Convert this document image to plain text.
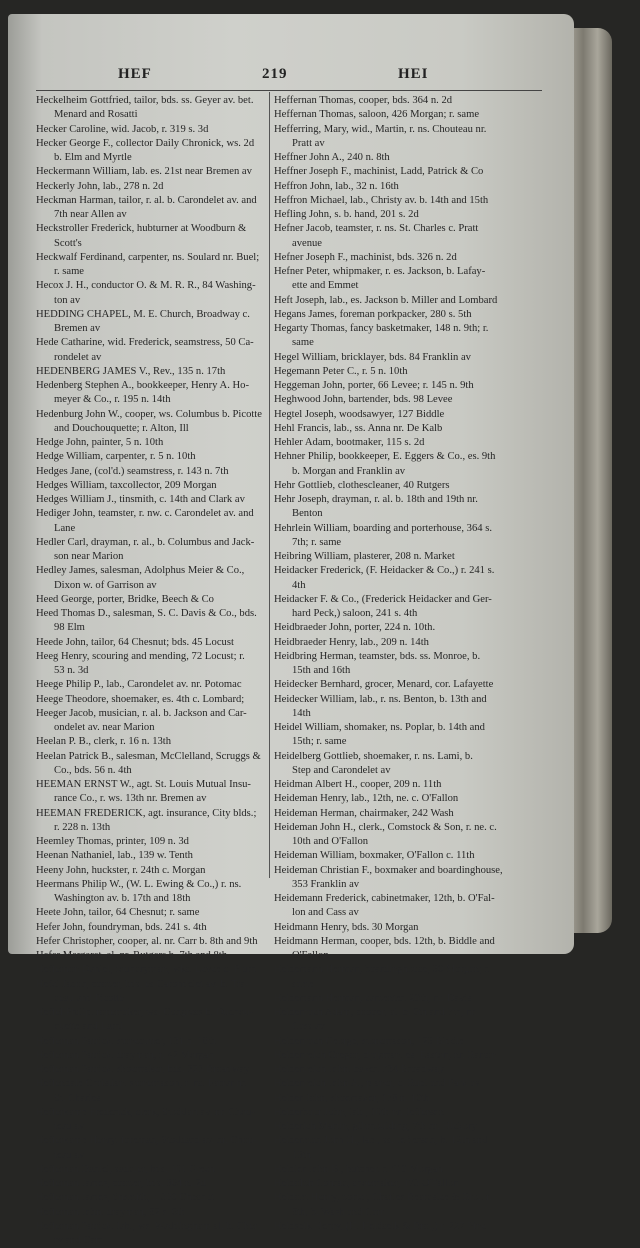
HEF	219	HEI
Heckelheim Gottfried, tailor, bds. ss. Geyer av. bet.
Menard and Rosatti
Hecker Caroline, wid. Jacob, r. 319 s. 3d
Hecker George F., collector Daily Chronick, ws. 2d
b. Elm and Myrtle
Heckermann William, lab. es. 21st near Bremen av
Heckerly John, lab., 278 n. 2d
Heckman Harman, tailor, r. al. b. Carondelet av. and
7th near Allen av
Heckstroller Frederick, hubturner at Woodburn &
Scott's
Heckwalf Ferdinand, carpenter, ns. Soulard nr. Buel;
r. same
Hecox J. H., conductor O. & M. R. R., 84 Washing-
ton av
HEDDING CHAPEL, M. E. Church, Broadway c.
Bremen av
Hede Catharine, wid. Frederick, seamstress, 50 Ca-
rondelet av
HEDENBERG JAMES V., Rev., 135 n. 17th
Hedenberg Stephen A., bookkeeper, Henry A. Ho-
meyer & Co., r. 195 n. 14th
Hedenburg John W., cooper, ws. Columbus b. Picotte
and Douchouquette; r. Alton, Ill
Hedge John, painter, 5 n. 10th
Hedge William, carpenter, r. 5 n. 10th
Hedges Jane, (col'd.) seamstress, r. 143 n. 7th
Hedges William, taxcollector, 209 Morgan
Hedges William J., tinsmith, c. 14th and Clark av
Hediger John, teamster, r. nw. c. Carondelet av. and
Lane
Hedler Carl, drayman, r. al., b. Columbus and Jack-
son near Marion
Hedley James, salesman, Adolphus Meier & Co.,
Dixon w. of Garrison av
Heed George, porter, Bridke, Beech & Co
Heed Thomas D., salesman, S. C. Davis & Co., bds.
98 Elm
Heede John, tailor, 64 Chesnut; bds. 45 Locust
Heeg Henry, scouring and mending, 72 Locust; r.
53 n. 3d
Heege Philip P., lab., Carondelet av. nr. Potomac
Heege Theodore, shoemaker, es. 4th c. Lombard;
Heeger Jacob, musician, r. al. b. Jackson and Car-
ondelet av. near Marion
Heelan P. B., clerk, r. 16 n. 13th
Heelan Patrick B., salesman, McClelland, Scruggs &
Co., bds. 56 n. 4th
HEEMAN ERNST W., agt. St. Louis Mutual Insu-
rance Co., r. ws. 13th nr. Bremen av
HEEMAN FREDERICK, agt. insurance, City blds.;
r. 228 n. 13th
Heemley Thomas, printer, 109 n. 3d
Heenan Nathaniel, lab., 139 w. Tenth
Heeny John, huckster, r. 24th c. Morgan
Heermans Philip W., (W. L. Ewing & Co.,) r. ns.
Washington av. b. 17th and 18th
Heete John, tailor, 64 Chesnut; r. same
Hefer John, foundryman, bds. 241 s. 4th
Hefer Christopher, cooper, al. nr. Carr b. 8th and 9th
Hefer Margaret, al. nr. Rutgers b. 7th and 8th
Heffernon Daniel, foundryman, wks. Levee c. Plum
Hefel Jacob, cooper, bds. es Carondelet av. b. Tra-
deau and Picotte
Heffel Philip, ropemaker, ws. Congress b. Duchou-
quette and Lami
Heffernan Patrick, stonecutter, 131 n. 18th
Heffernan Patrick, drayman, r. 42 Morgan
Heffernan Patrick, shoemaker, bds. 323 Broadway
Heffendale Christian, stonemason, r. ns. Farrar nr.
St. Charles
Hefferkamp Frederick, clerk, Stoddart av. nr. Chou-
teau av
Hefferkamp Henry, foreman, Stoddard av. nr. Chou-
teau av
Heffernan Daniel, saddler, bds. 101 Green
Heffernan James, cooper, bds. 364 n. 2d
Heffernan James, tinsmith, r. 300 Chesnut
Heffernan John, drayman, 82 s. 6th
Heffernan Patrick, lab., ws. Waddingham al. b. Cher-
ry and Carr
Heffernan Thomas, cooper, bds. 364 n. 2d
Heffernan Thomas, saloon, 426 Morgan; r. same
Hefferring, Mary, wid., Martin, r. ns. Chouteau nr.
Pratt av
Heffner John A., 240 n. 8th
Heffner Joseph F., machinist, Ladd, Patrick & Co
Heffron John, lab., 32 n. 16th
Heffron Michael, lab., Christy av. b. 14th and 15th
Hefling John, s. b. hand, 201 s. 2d
Hefner Jacob, teamster, r. ns. St. Charles c. Pratt
avenue
Hefner Joseph F., machinist, bds. 326 n. 2d
Hefner Peter, whipmaker, r. es. Jackson, b. Lafay-
ette and Emmet
Heft Joseph, lab., es. Jackson b. Miller and Lombard
Hegans James, foreman porkpacker, 280 s. 5th
Hegarty Thomas, fancy basketmaker, 148 n. 9th; r.
same
Hegel William, bricklayer, bds. 84 Franklin av
Hegemann Peter C., r. 5 n. 10th
Heggeman John, porter, 66 Levee; r. 145 n. 9th
Heghwood John, bartender, bds. 98 Levee
Hegtel Joseph, woodsawyer, 127 Biddle
Hehl Francis, lab., ss. Anna nr. De Kalb
Hehler Adam, bootmaker, 115 s. 2d
Hehner Philip, bookkeeper, E. Eggers & Co., es. 9th
b. Morgan and Franklin av
Hehr Gottlieb, clothescleaner, 40 Rutgers
Hehr Joseph, drayman, r. al. b. 18th and 19th nr.
Benton
Hehrlein William, boarding and porterhouse, 364 s.
7th; r. same
Heibring William, plasterer, 208 n. Market
Heidacker Frederick, (F. Heidacker & Co.,) r. 241 s.
4th
Heidacker F. & Co., (Frederick Heidacker and Ger-
hard Peck,) saloon, 241 s. 4th
Heidbraeder John, porter, 224 n. 10th.
Heidbraeder Henry, lab., 209 n. 14th
Heidbring Herman, teamster, bds. ss. Monroe, b.
15th and 16th
Heidecker Bernhard, grocer, Menard, cor. Lafayette
Heidecker William, lab., r. ns. Benton, b. 13th and
14th
Heidel William, shomaker, ns. Poplar, b. 14th and
15th; r. same
Heidelberg Gottlieb, shoemaker, r. ns. Lami, b.
Step and Carondelet av
Heidman Albert H., cooper, 209 n. 11th
Heideman Henry, lab., 12th, ne. c. O'Fallon
Heideman Herman, chairmaker, 242 Wash
Heideman John H., clerk., Comstock & Son, r. ne. c.
10th and O'Fallon
Heideman William, boxmaker, O'Fallon c. 11th
Heideman Christian F., boxmaker and boardinghouse,
353 Franklin av
Heidemann Frederick, cabinetmaker, 12th, b. O'Fal-
lon and Cass av
Heidmann Henry, bds. 30 Morgan
Heidmann Herman, cooper, bds. 12th, b. Biddle and
O'Fallon
Heidemann Herman, boardinghouse, 30 Morgan; r.
same
Heidemann Herman, carpenter, 20th, nr. Davis
Heidenrach Adam, cooper, al. b. 6th and 7th, nr.
Cass av
Heidenrach George, stonemason, 123 Biddle
Heidenreich Gregor, drayman, es. Easton, nr. Barton
Heidenreich John, baker, 734 Broadway
Heidenreich John A., planer, c. Buel and Park av
Heider John, shoemaker, 178 n. 10th
Heiderbaur John, lab., 10th nr. Jefferson
Heiderich Martin, giltmoulding, 7th nr. Hickory
Heiderman John H., lab., ss. Jefferson, b. 12th and
13th
Heidler John B., butcher, r. 610 Morgan
Heidolph Conrad, shoemaker, 173 O'Fallon
Heidom Henry, porter, Charles Beardslee & Bro., r.
8th, b. Wash and Carr
Heidseik Henry, (H. Heidseik & Bro.,) r. 227 Pine
